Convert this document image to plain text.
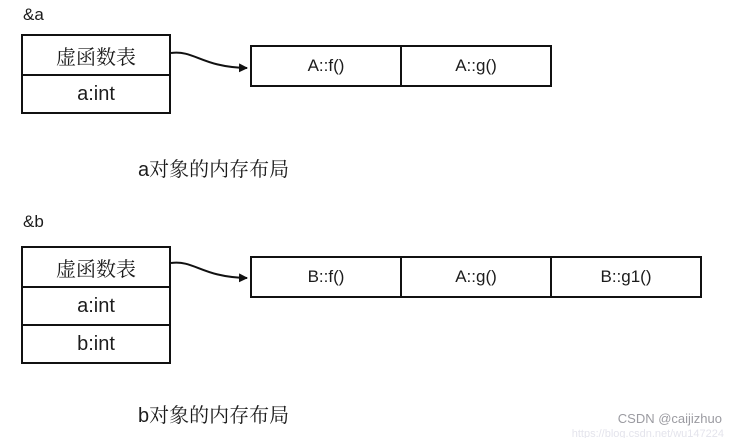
&a
虚函数表
a:int
A::f()	A::g()
a对象的内存布局
&b
虚函数表
a:int
b:int
B::f()	A::g()	B::g1()
b对象的内存布局	CSDN @caijizhuo
https://blog.csdn.net/wu147224
